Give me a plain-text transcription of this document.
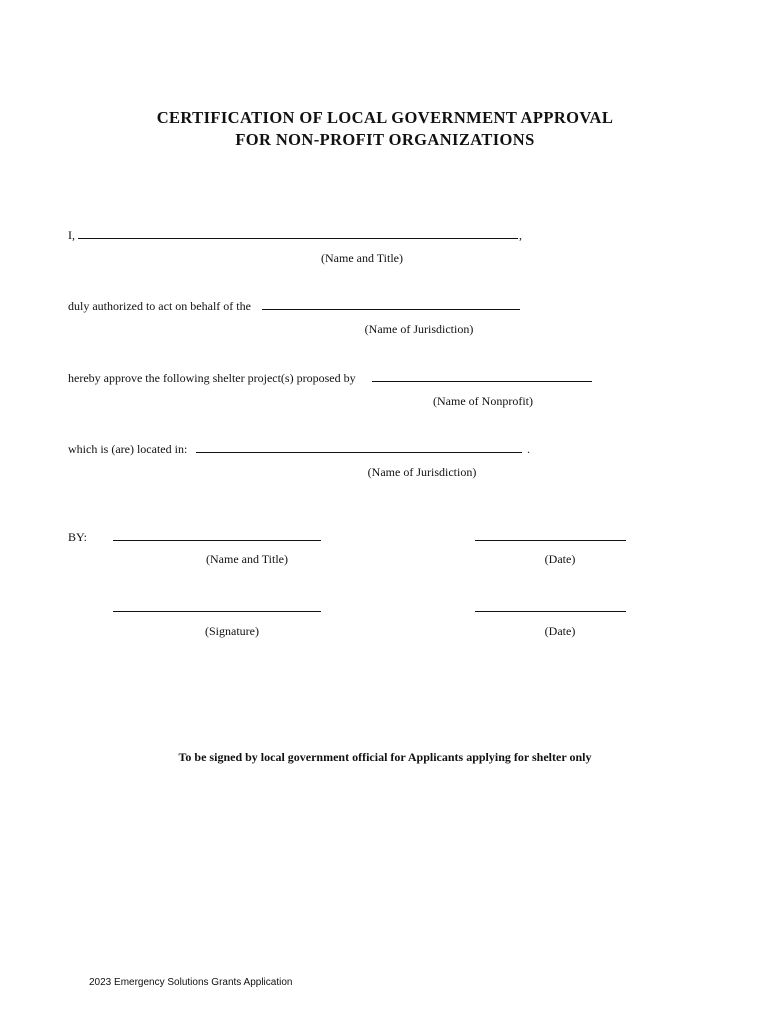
CERTIFICATION OF LOCAL GOVERNMENT APPROVAL
FOR NON-PROFIT ORGANIZATIONS
I,	,
(Name and Title)
duly authorized to act on behalf of the
(Name of Jurisdiction)
hereby approve the following shelter project(s) proposed by
(Name of Nonprofit)
which is (are) located in:	.
(Name of Jurisdiction)
BY:
(Name and Title)	(Date)
(Signature)	(Date)
To be signed by local government official for Applicants applying for shelter only
2023 Emergency Solutions Grants Application
